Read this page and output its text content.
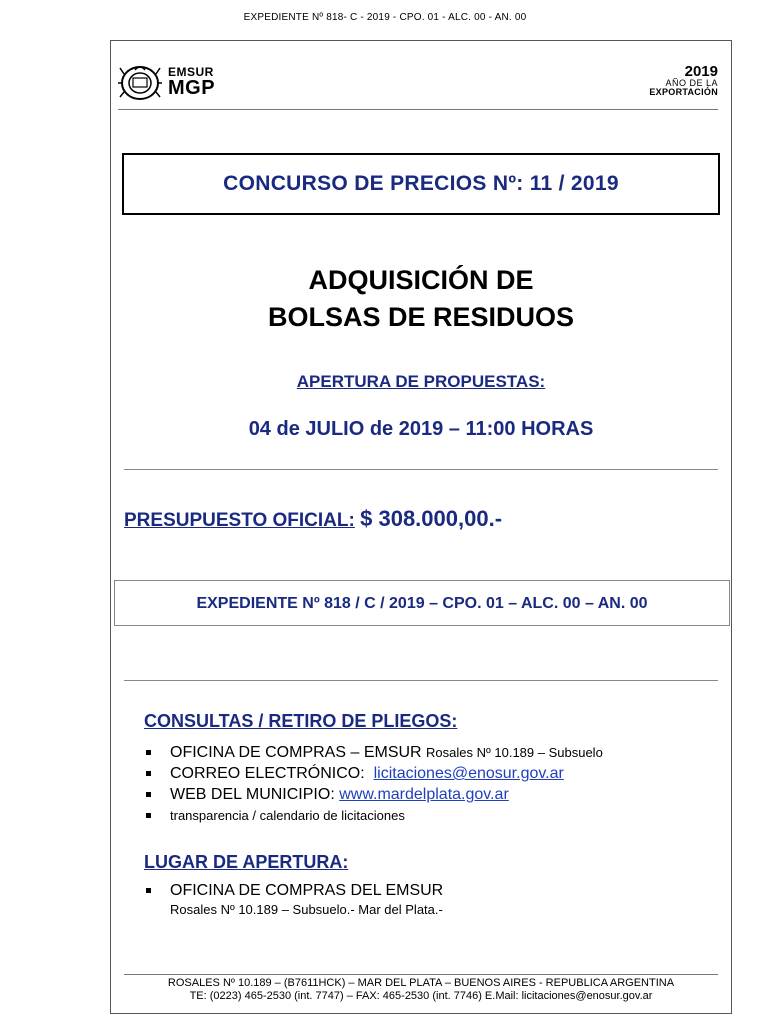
EXPEDIENTE Nº 818- C - 2019 - CPO. 01 - ALC. 00 - AN. 00
EMSUR
MGP
2019
AÑO DE LA
EXPORTACIÓN
CONCURSO DE PRECIOS Nº: 11 / 2019
ADQUISICIÓN DE
BOLSAS DE RESIDUOS
APERTURA DE PROPUESTAS:
04 de JULIO de 2019 – 11:00 HORAS
PRESUPUESTO OFICIAL: $ 308.000,00.-
EXPEDIENTE Nº 818 / C / 2019 – CPO. 01 – ALC. 00 – AN. 00
CONSULTAS / RETIRO DE PLIEGOS:
OFICINA DE COMPRAS – EMSUR Rosales Nº 10.189 – Subsuelo
CORREO ELECTRÓNICO: licitaciones@enosur.gov.ar
WEB DEL MUNICIPIO: www.mardelplata.gov.ar
transparencia / calendario de licitaciones
LUGAR DE APERTURA:
OFICINA DE COMPRAS DEL EMSUR
Rosales Nº 10.189 – Subsuelo.- Mar del Plata.-
ROSALES Nº 10.189 – (B7611HCK) – MAR DEL PLATA – BUENOS AIRES - REPUBLICA ARGENTINA
TE: (0223) 465-2530 (int. 7747) – FAX: 465-2530 (int. 7746) E.Mail: licitaciones@enosur.gov.ar
